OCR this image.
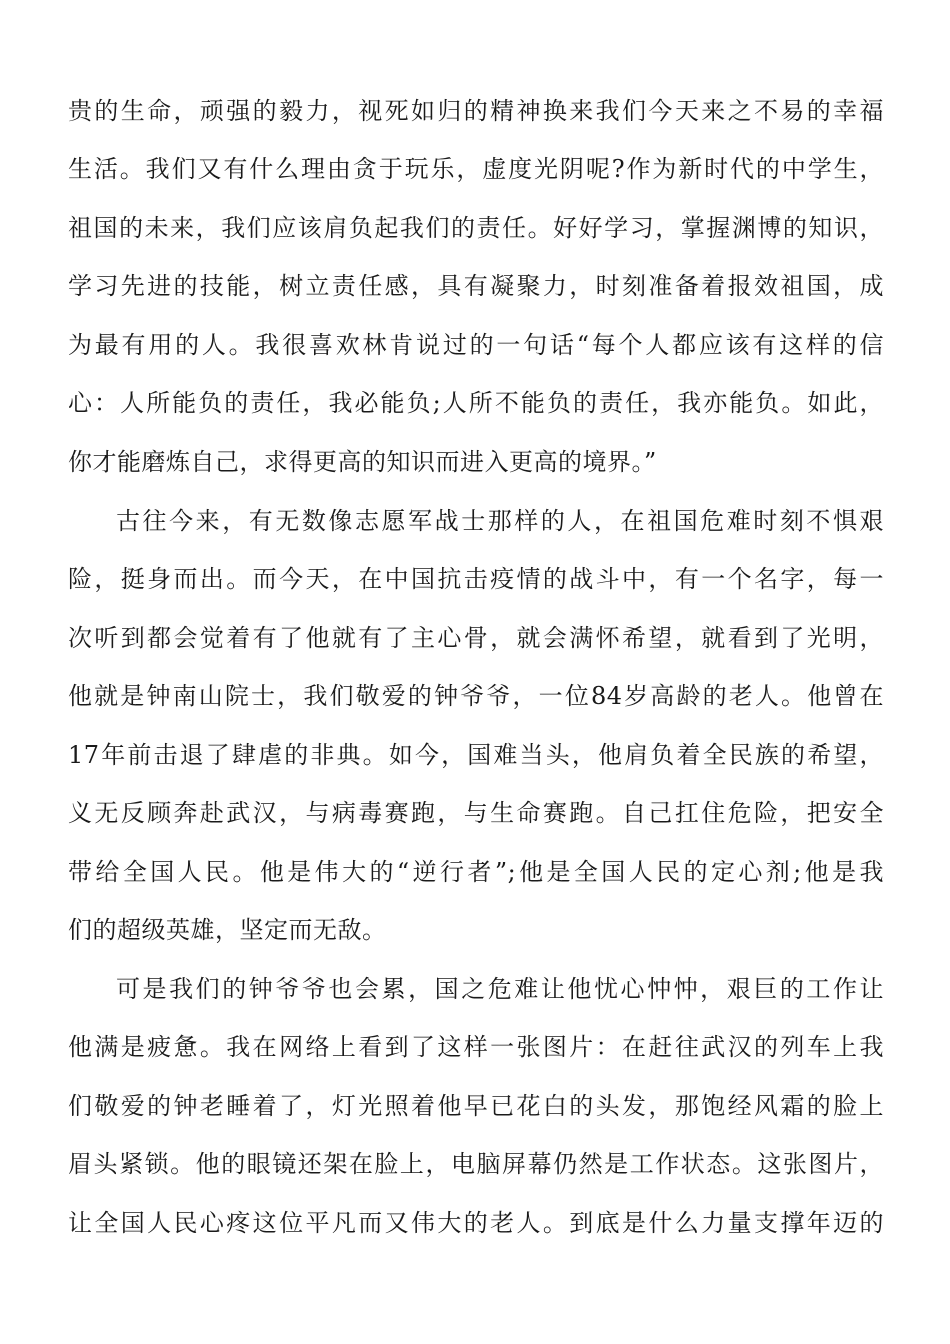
贵的生命，顽强的毅力，视死如归的精神换来我们今天来之不易的幸福
生活。我们又有什么理由贪于玩乐，虚度光阴呢?作为新时代的中学生，
祖国的未来，我们应该肩负起我们的责任。好好学习，掌握渊博的知识，
学习先进的技能，树立责任感，具有凝聚力，时刻准备着报效祖国，成
为最有用的人。我很喜欢林肯说过的一句话“每个人都应该有这样的信
心：人所能负的责任，我必能负;人所不能负的责任，我亦能负。如此，
你才能磨炼自己，求得更高的知识而进入更高的境界。”
古往今来，有无数像志愿军战士那样的人，在祖国危难时刻不惧艰
险，挺身而出。而今天，在中国抗击疫情的战斗中，有一个名字，每一
次听到都会觉着有了他就有了主心骨，就会满怀希望，就看到了光明，
他就是钟南山院士，我们敬爱的钟爷爷，一位84岁高龄的老人。他曾在
17年前击退了肆虐的非典。如今，国难当头，他肩负着全民族的希望，
义无反顾奔赴武汉，与病毒赛跑，与生命赛跑。自己扛住危险，把安全
带给全国人民。他是伟大的“逆行者”;他是全国人民的定心剂;他是我
们的超级英雄，坚定而无敌。
可是我们的钟爷爷也会累，国之危难让他忧心忡忡，艰巨的工作让
他满是疲惫。我在网络上看到了这样一张图片：在赶往武汉的列车上我
们敬爱的钟老睡着了，灯光照着他早已花白的头发，那饱经风霜的脸上
眉头紧锁。他的眼镜还架在脸上，电脑屏幕仍然是工作状态。这张图片，
让全国人民心疼这位平凡而又伟大的老人。到底是什么力量支撑年迈的
